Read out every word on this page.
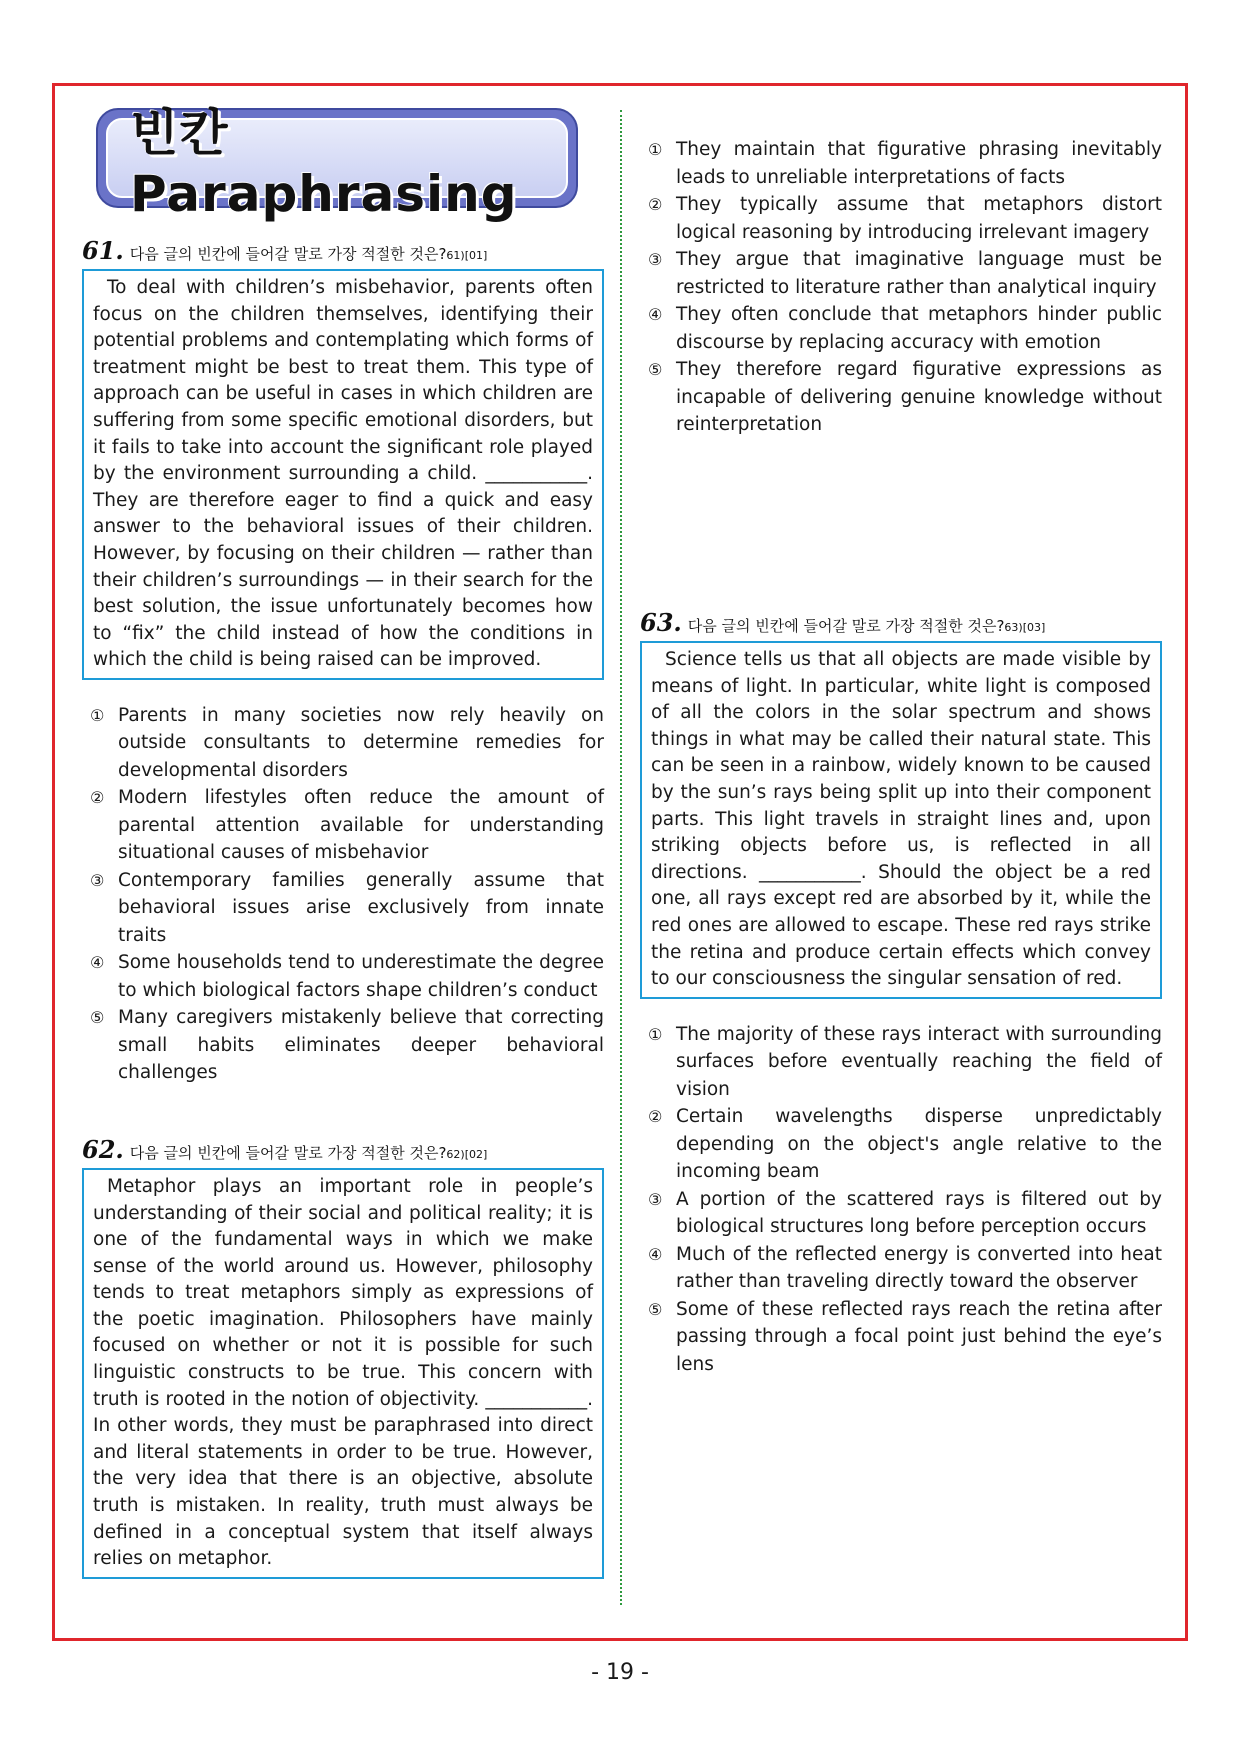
빈칸 Paraphrasing
61. 다음 글의 빈칸에 들어갈 말로 가장 적절한 것은? 61)[01]
To deal with children’s misbehavior, parents often focus on the children themselves, identifying their potential problems and contemplating which forms of treatment might be best to treat them. This type of approach can be useful in cases in which children are suffering from some specific emotional disorders, but it fails to take into account the significant role played by the environment surrounding a child. ___________. They are therefore eager to find a quick and easy answer to the behavioral issues of their children. However, by focusing on their children — rather than their children’s surroundings — in their search for the best solution, the issue unfortunately becomes how to “fix” the child instead of how the conditions in which the child is being raised can be improved.
① Parents in many societies now rely heavily on outside consultants to determine remedies for developmental disorders
② Modern lifestyles often reduce the amount of parental attention available for understanding situational causes of misbehavior
③ Contemporary families generally assume that behavioral issues arise exclusively from innate traits
④ Some households tend to underestimate the degree to which biological factors shape children’s conduct
⑤ Many caregivers mistakenly believe that correcting small habits eliminates deeper behavioral challenges
62. 다음 글의 빈칸에 들어갈 말로 가장 적절한 것은? 62)[02]
Metaphor plays an important role in people’s understanding of their social and political reality; it is one of the fundamental ways in which we make sense of the world around us. However, philosophy tends to treat metaphors simply as expressions of the poetic imagination. Philosophers have mainly focused on whether or not it is possible for such linguistic constructs to be true. This concern with truth is rooted in the notion of objectivity. ___________. In other words, they must be paraphrased into direct and literal statements in order to be true. However, the very idea that there is an objective, absolute truth is mistaken. In reality, truth must always be defined in a conceptual system that itself always relies on metaphor.
① They maintain that figurative phrasing inevitably leads to unreliable interpretations of facts
② They typically assume that metaphors distort logical reasoning by introducing irrelevant imagery
③ They argue that imaginative language must be restricted to literature rather than analytical inquiry
④ They often conclude that metaphors hinder public discourse by replacing accuracy with emotion
⑤ They therefore regard figurative expressions as incapable of delivering genuine knowledge without reinterpretation
63. 다음 글의 빈칸에 들어갈 말로 가장 적절한 것은? 63)[03]
Science tells us that all objects are made visible by means of light. In particular, white light is composed of all the colors in the solar spectrum and shows things in what may be called their natural state. This can be seen in a rainbow, widely known to be caused by the sun’s rays being split up into their component parts. This light travels in straight lines and, upon striking objects before us, is reflected in all directions. ___________. Should the object be a red one, all rays except red are absorbed by it, while the red ones are allowed to escape. These red rays strike the retina and produce certain effects which convey to our consciousness the singular sensation of red.
① The majority of these rays interact with surrounding surfaces before eventually reaching the field of vision
② Certain wavelengths disperse unpredictably depending on the object's angle relative to the incoming beam
③ A portion of the scattered rays is filtered out by biological structures long before perception occurs
④ Much of the reflected energy is converted into heat rather than traveling directly toward the observer
⑤ Some of these reflected rays reach the retina after passing through a focal point just behind the eye’s lens
- 19 -
